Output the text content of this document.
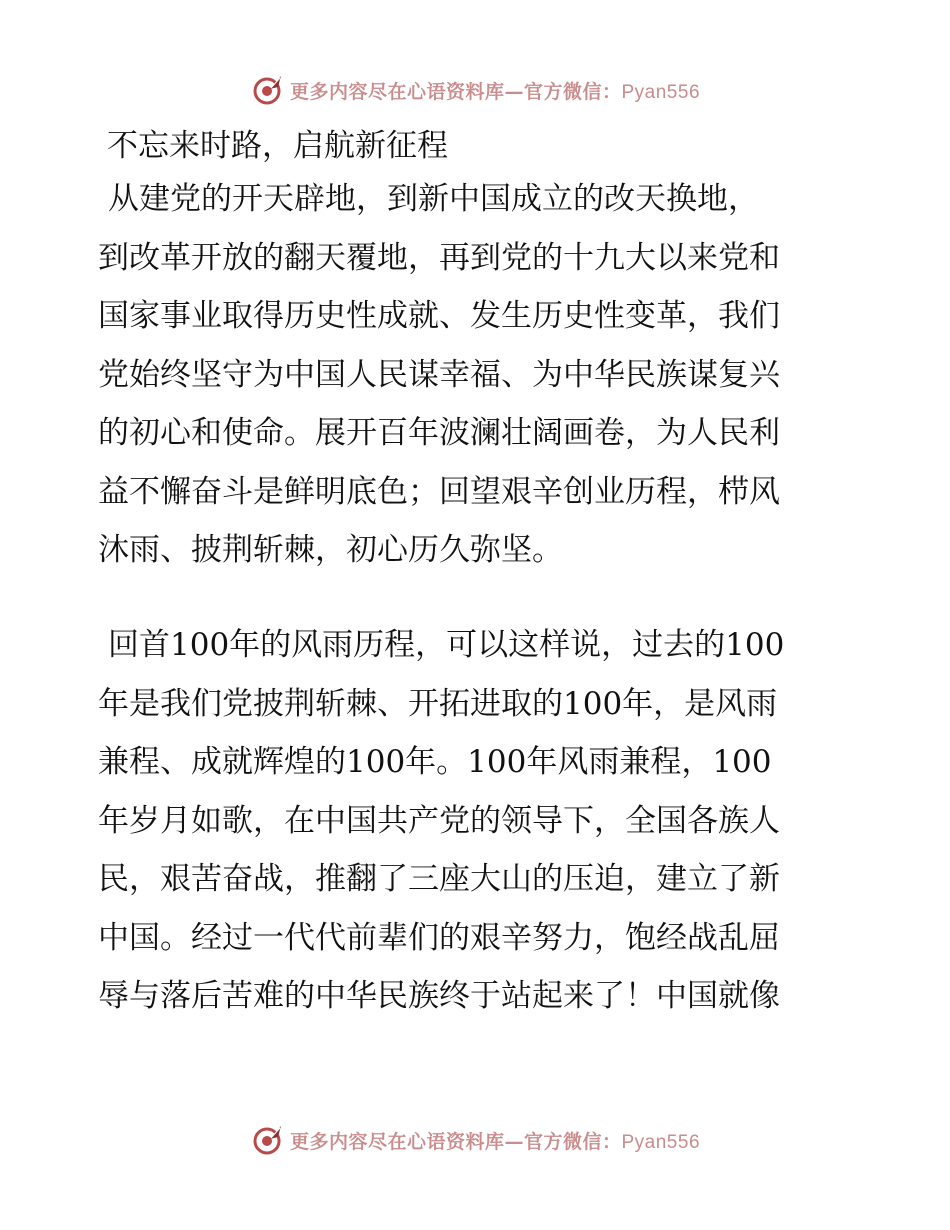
更多内容尽在心语资料库—官方微信：Pyan556
不忘来时路，启航新征程
从建党的开天辟地，到新中国成立的改天换地，
到改革开放的翻天覆地，再到党的十九大以来党和
国家事业取得历史性成就、发生历史性变革，我们
党始终坚守为中国人民谋幸福、为中华民族谋复兴
的初心和使命。展开百年波澜壮阔画卷，为人民利
益不懈奋斗是鲜明底色；回望艰辛创业历程，栉风
沐雨、披荆斩棘，初心历久弥坚。
回首100年的风雨历程，可以这样说，过去的100
年是我们党披荆斩棘、开拓进取的100年，是风雨
兼程、成就辉煌的100年。100年风雨兼程，100
年岁月如歌，在中国共产党的领导下，全国各族人
民，艰苦奋战，推翻了三座大山的压迫，建立了新
中国。经过一代代前辈们的艰辛努力，饱经战乱屈
辱与落后苦难的中华民族终于站起来了！中国就像
更多内容尽在心语资料库—官方微信：Pyan556
